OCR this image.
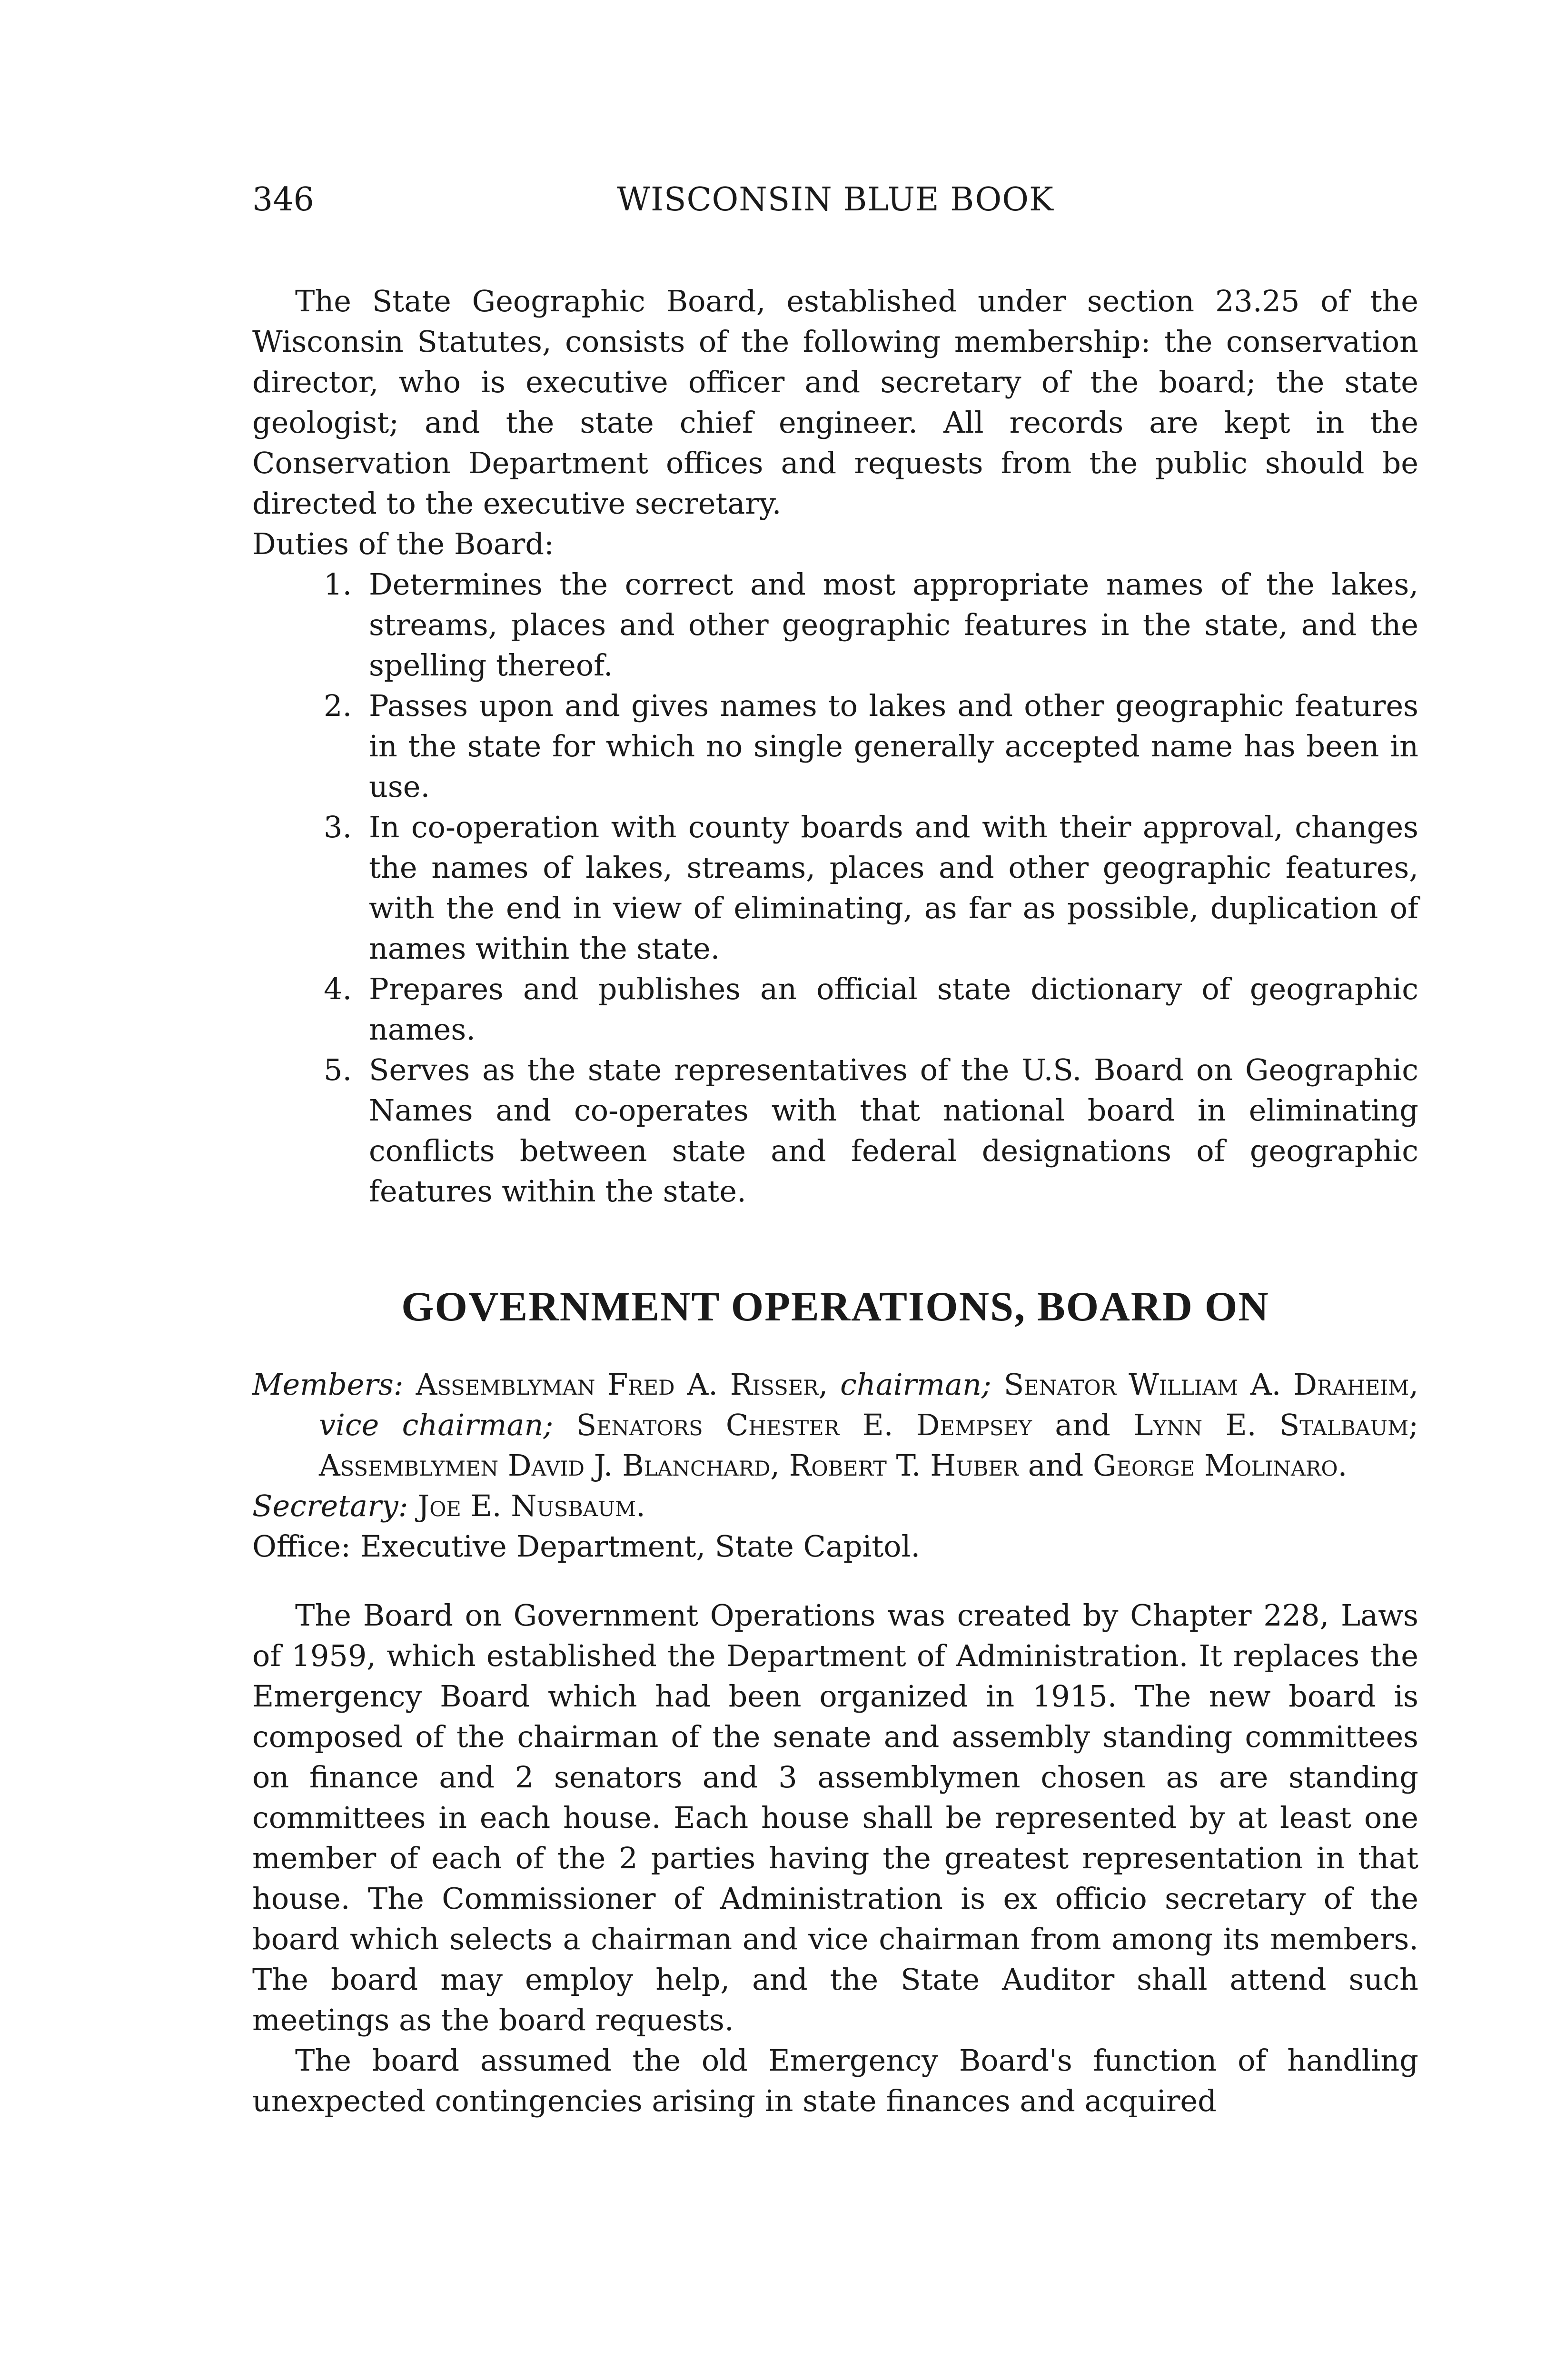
346	WISCONSIN BLUE BOOK

The State Geographic Board, established under section 23.25 of the Wisconsin Statutes, consists of the following membership: the conservation director, who is executive officer and secretary of the board; the state geologist; and the state chief engineer. All records are kept in the Conservation Department offices and requests from the public should be directed to the executive secretary.

Duties of the Board:

1. Determines the correct and most appropriate names of the lakes, streams, places and other geographic features in the state, and the spelling thereof.
2. Passes upon and gives names to lakes and other geographic features in the state for which no single generally accepted name has been in use.
3. In co-operation with county boards and with their approval, changes the names of lakes, streams, places and other geographic features, with the end in view of eliminating, as far as possible, duplication of names within the state.
4. Prepares and publishes an official state dictionary of geographic names.
5. Serves as the state representatives of the U.S. Board on Geographic Names and co-operates with that national board in eliminating conflicts between state and federal designations of geographic features within the state.
GOVERNMENT OPERATIONS, BOARD ON

Members: Assemblyman Fred A. Risser, chairman; Senator William A. Draheim, vice chairman; Senators Chester E. Dempsey and Lynn E. Stalbaum; Assemblymen David J. Blanchard, Robert T. Huber and George Molinaro.

Secretary: Joe E. Nusbaum.

Office: Executive Department, State Capitol.

The Board on Government Operations was created by Chapter 228, Laws of 1959, which established the Department of Administration. It replaces the Emergency Board which had been organized in 1915. The new board is composed of the chairman of the senate and assembly standing committees on finance and 2 senators and 3 assemblymen chosen as are standing committees in each house. Each house shall be represented by at least one member of each of the 2 parties having the greatest representation in that house. The Commissioner of Administration is ex officio secretary of the board which selects a chairman and vice chairman from among its members. The board may employ help, and the State Auditor shall attend such meetings as the board requests.

The board assumed the old Emergency Board's function of handling unexpected contingencies arising in state finances and acquired
